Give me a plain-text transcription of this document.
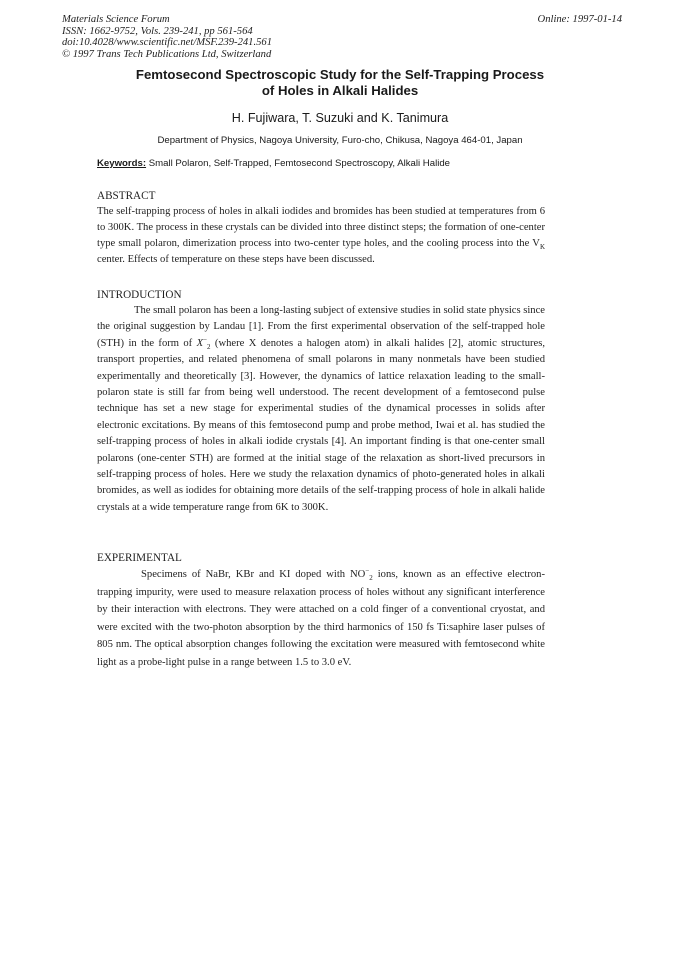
Materials Science Forum
ISSN: 1662-9752, Vols. 239-241, pp 561-564
doi:10.4028/www.scientific.net/MSF.239-241.561
© 1997 Trans Tech Publications Ltd, Switzerland
Online: 1997-01-14
Femtosecond Spectroscopic Study for the Self-Trapping Process
of Holes in Alkali Halides
H. Fujiwara, T. Suzuki and K. Tanimura
Department of Physics, Nagoya University, Furo-cho, Chikusa, Nagoya 464-01, Japan
Keywords: Small Polaron, Self-Trapped, Femtosecond Spectroscopy, Alkali Halide
ABSTRACT
The self-trapping process of holes in alkali iodides and bromides has been studied at temperatures from 6 to 300K. The process in these crystals can be divided into three distinct steps; the formation of one-center type small polaron, dimerization process into two-center type holes, and the cooling process into the $V_K$ center. Effects of temperature on these steps have been discussed.
INTRODUCTION
The small polaron has been a long-lasting subject of extensive studies in solid state physics since the original suggestion by Landau [1]. From the first experimental observation of the self-trapped hole (STH) in the form of $X^-_2$ (where X denotes a halogen atom) in alkali halides [2], atomic structures, transport properties, and related phenomena of small polarons in many nonmetals have been studied experimentally and theoretically [3]. However, the dynamics of lattice relaxation leading to the small-polaron state is still far from being well understood. The recent development of a femtosecond pulse technique has set a new stage for experimental studies of the dynamical processes in solids after electronic excitations. By means of this femtosecond pump and probe method, Iwai et al. has studied the self-trapping process of holes in alkali iodide crystals [4]. An important finding is that one-center small polarons (one-center STH) are formed at the initial stage of the relaxation as short-lived precursors in self-trapping process of holes. Here we study the relaxation dynamics of photo-generated holes in alkali bromides, as well as iodides for obtaining more details of the self-trapping process of hole in alkali halide crystals at a wide temperature range from 6K to 300K.
EXPERIMENTAL
Specimens of NaBr, KBr and KI doped with $NO^-_2$ ions, known as an effective electron-trapping impurity, were used to measure relaxation process of holes without any significant interference by their interaction with electrons. They were attached on a cold finger of a conventional cryostat, and were excited with the two-photon absorption by the third harmonics of 150 fs Ti:saphire laser pulses of 805 nm. The optical absorption changes following the excitation were measured with femtosecond white light as a probe-light pulse in a range between 1.5 to 3.0 eV.
